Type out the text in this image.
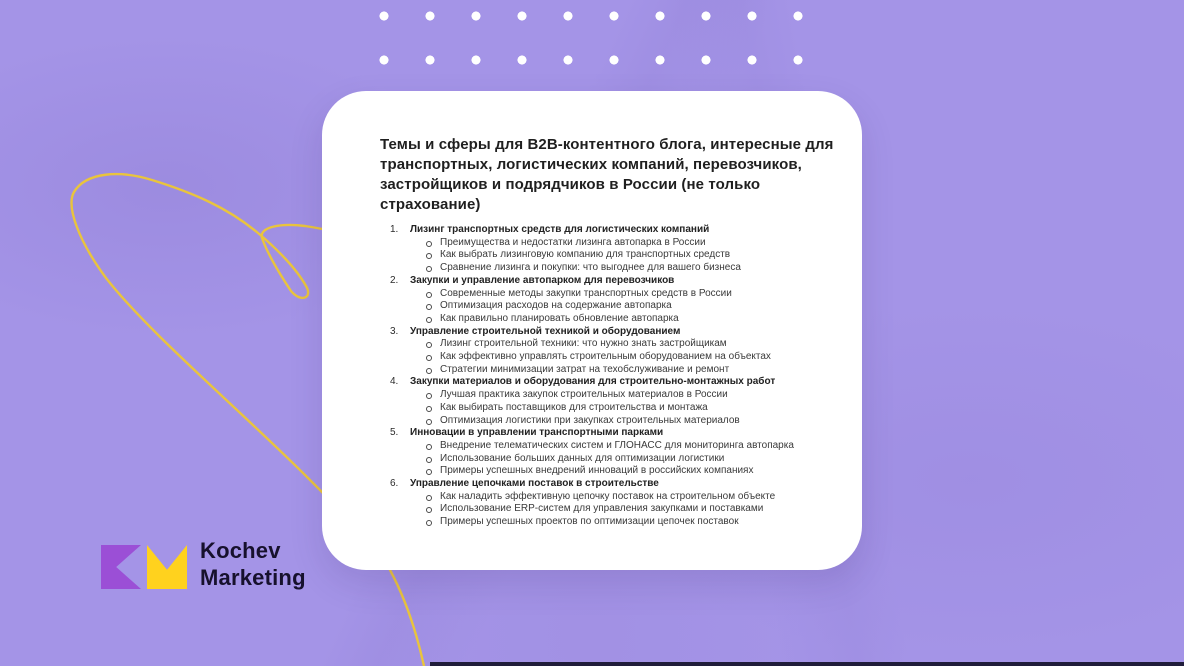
Темы и сферы для B2B-контентного блога, интересные для транспортных, логистических компаний, перевозчиков, застройщиков и подрядчиков в России (не только страхование)
1.	Лизинг транспортных средств для логистических компаний
Преимущества и недостатки лизинга автопарка в России
Как выбрать лизинговую компанию для транспортных средств
Сравнение лизинга и покупки: что выгоднее для вашего бизнеса
2.	Закупки и управление автопарком для перевозчиков
Современные методы закупки транспортных средств в России
Оптимизация расходов на содержание автопарка
Как правильно планировать обновление автопарка
3.	Управление строительной техникой и оборудованием
Лизинг строительной техники: что нужно знать застройщикам
Как эффективно управлять строительным оборудованием на объектах
Стратегии минимизации затрат на техобслуживание и ремонт
4.	Закупки материалов и оборудования для строительно-монтажных работ
Лучшая практика закупок строительных материалов в России
Как выбирать поставщиков для строительства и монтажа
Оптимизация логистики при закупках строительных материалов
5.	Инновации в управлении транспортными парками
Внедрение телематических систем и ГЛОНАСС для мониторинга автопарка
Использование больших данных для оптимизации логистики
Примеры успешных внедрений инноваций в российских компаниях
6.	Управление цепочками поставок в строительстве
Как наладить эффективную цепочку поставок на строительном объекте
Использование ERP-систем для управления закупками и поставками
Примеры успешных проектов по оптимизации цепочек поставок
Kochev
Marketing
